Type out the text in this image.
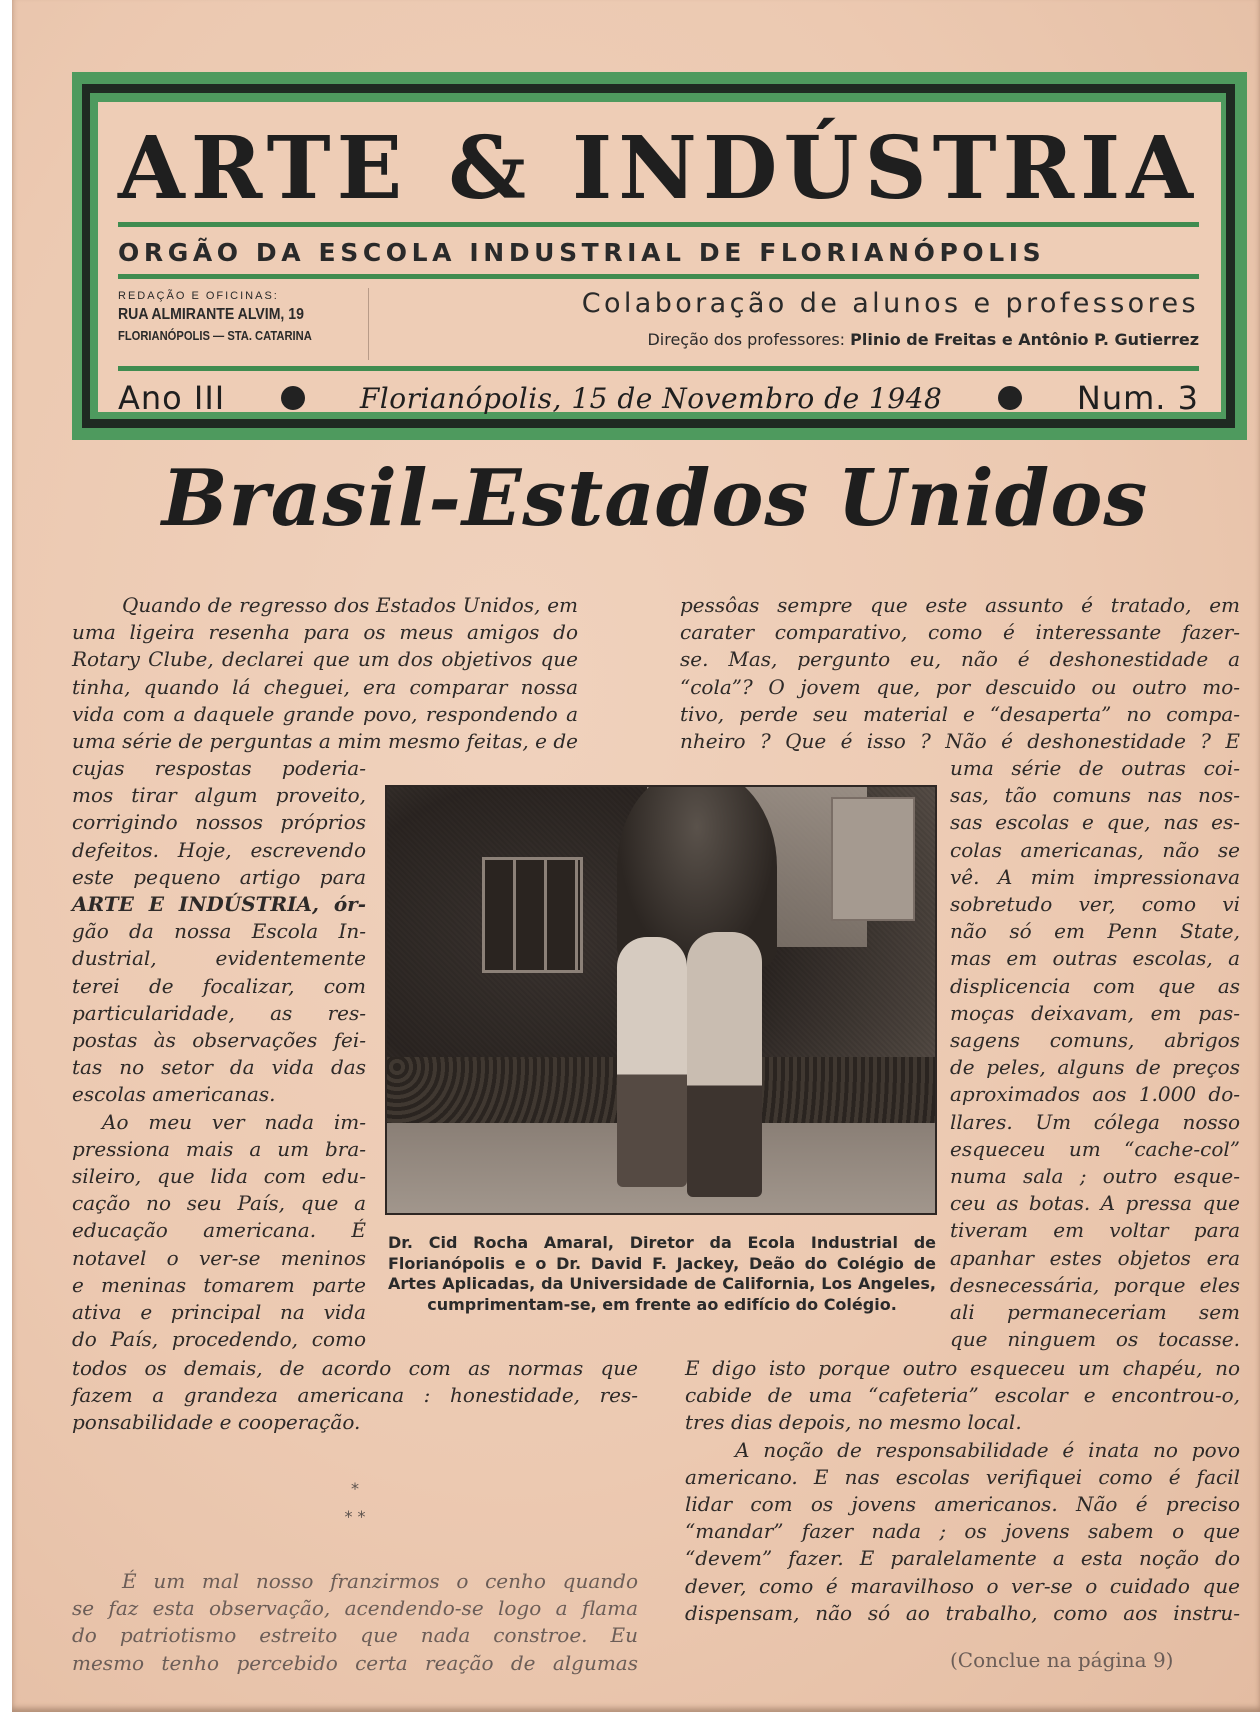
ARTE & INDÚSTRIA
ORGÃO DA ESCOLA INDUSTRIAL DE FLORIANÓPOLIS
REDAÇÃO E OFICINAS:
RUA ALMIRANTE ALVIM, 19
FLORIANÓPOLIS — STA. CATARINA
Colaboração de alunos e professores
Direção dos professores: Plinio de Freitas e Antônio P. Gutierrez
Ano III	Florianópolis, 15 de Novembro de 1948	Num. 3
Brasil-Estados Unidos
Quando de regresso dos Estados Unidos, em
uma ligeira resenha para os meus amigos do
Rotary Clube, declarei que um dos objetivos que
tinha, quando lá cheguei, era comparar nossa
vida com a daquele grande povo, respondendo a
uma série de perguntas a mim mesmo feitas, e de
cujas respostas poderia-
mos tirar algum proveito,
corrigindo nossos próprios
defeitos. Hoje, escrevendo
este pequeno artigo para
ARTE E INDÚSTRIA, ór-
gão da nossa Escola In-
dustrial, evidentemente
terei de focalizar, com
particularidade, as res-
postas às observações fei-
tas no setor da vida das
escolas americanas.
Ao meu ver nada im-
pressiona mais a um bra-
sileiro, que lida com edu-
cação no seu País, que a
educação americana. É
notavel o ver-se meninos
e meninas tomarem parte
ativa e principal na vida
do País, procedendo, como
todos os demais, de acordo com as normas que
fazem a grandeza americana : honestidade, res-
ponsabilidade e cooperação.
*
* *
É um mal nosso franzirmos o cenho quando
se faz esta observação, acendendo-se logo a flama
do patriotismo estreito que nada constroe. Eu
mesmo tenho percebido certa reação de algumas
pessôas sempre que este assunto é tratado, em
carater comparativo, como é interessante fazer-
se. Mas, pergunto eu, não é deshonestidade a
“cola”? O jovem que, por descuido ou outro mo-
tivo, perde seu material e “desaperta” no compa-
nheiro ? Que é isso ? Não é deshonestidade ? E
Dr. Cid Rocha Amaral, Diretor da Ecola Industrial de Florianópolis e o Dr. David F. Jackey, Deão do Colégio de Artes Aplicadas, da Universidade de California, Los Angeles, cumprimentam-se, em frente ao edifício do Colégio.
uma série de outras coi-
sas, tão comuns nas nos-
sas escolas e que, nas es-
colas americanas, não se
vê. A mim impressionava
sobretudo ver, como vi
não só em Penn State,
mas em outras escolas, a
displicencia com que as
moças deixavam, em pas-
sagens comuns, abrigos
de peles, alguns de preços
aproximados aos 1.000 do-
llares. Um cólega nosso
esqueceu um “cache-col”
numa sala ; outro esque-
ceu as botas. A pressa que
tiveram em voltar para
apanhar estes objetos era
desnecessária, porque eles
ali permaneceriam sem
que ninguem os tocasse.
E digo isto porque outro esqueceu um chapéu, no
cabide de uma “cafeteria” escolar e encontrou-o,
tres dias depois, no mesmo local.
A noção de responsabilidade é inata no povo
americano. E nas escolas verifiquei como é facil
lidar com os jovens americanos. Não é preciso
“mandar” fazer nada ; os jovens sabem o que
“devem” fazer. E paralelamente a esta noção do
dever, como é maravilhoso o ver-se o cuidado que
dispensam, não só ao trabalho, como aos instru-
(Conclue na página 9)
